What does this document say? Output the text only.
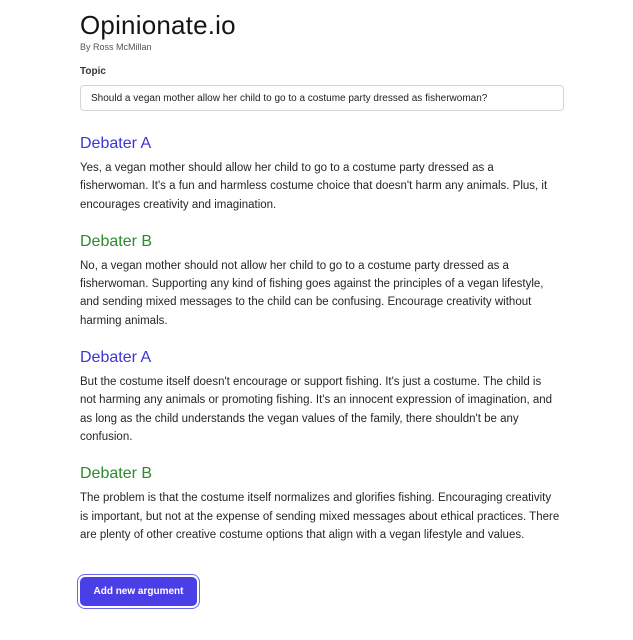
Opinionate.io
By Ross McMillan
Topic
Should a vegan mother allow her child to go to a costume party dressed as fisherwoman?
Debater A

Yes, a vegan mother should allow her child to go to a costume party dressed as a fisherwoman. It's a fun and harmless costume choice that doesn't harm any animals. Plus, it encourages creativity and imagination.

Debater B

No, a vegan mother should not allow her child to go to a costume party dressed as a fisherwoman. Supporting any kind of fishing goes against the principles of a vegan lifestyle, and sending mixed messages to the child can be confusing. Encourage creativity without harming animals.

Debater A

But the costume itself doesn't encourage or support fishing. It's just a costume. The child is not harming any animals or promoting fishing. It's an innocent expression of imagination, and as long as the child understands the vegan values of the family, there shouldn't be any confusion.

Debater B

The problem is that the costume itself normalizes and glorifies fishing. Encouraging creativity is important, but not at the expense of sending mixed messages about ethical practices. There are plenty of other creative costume options that align with a vegan lifestyle and values.

Add new argument
